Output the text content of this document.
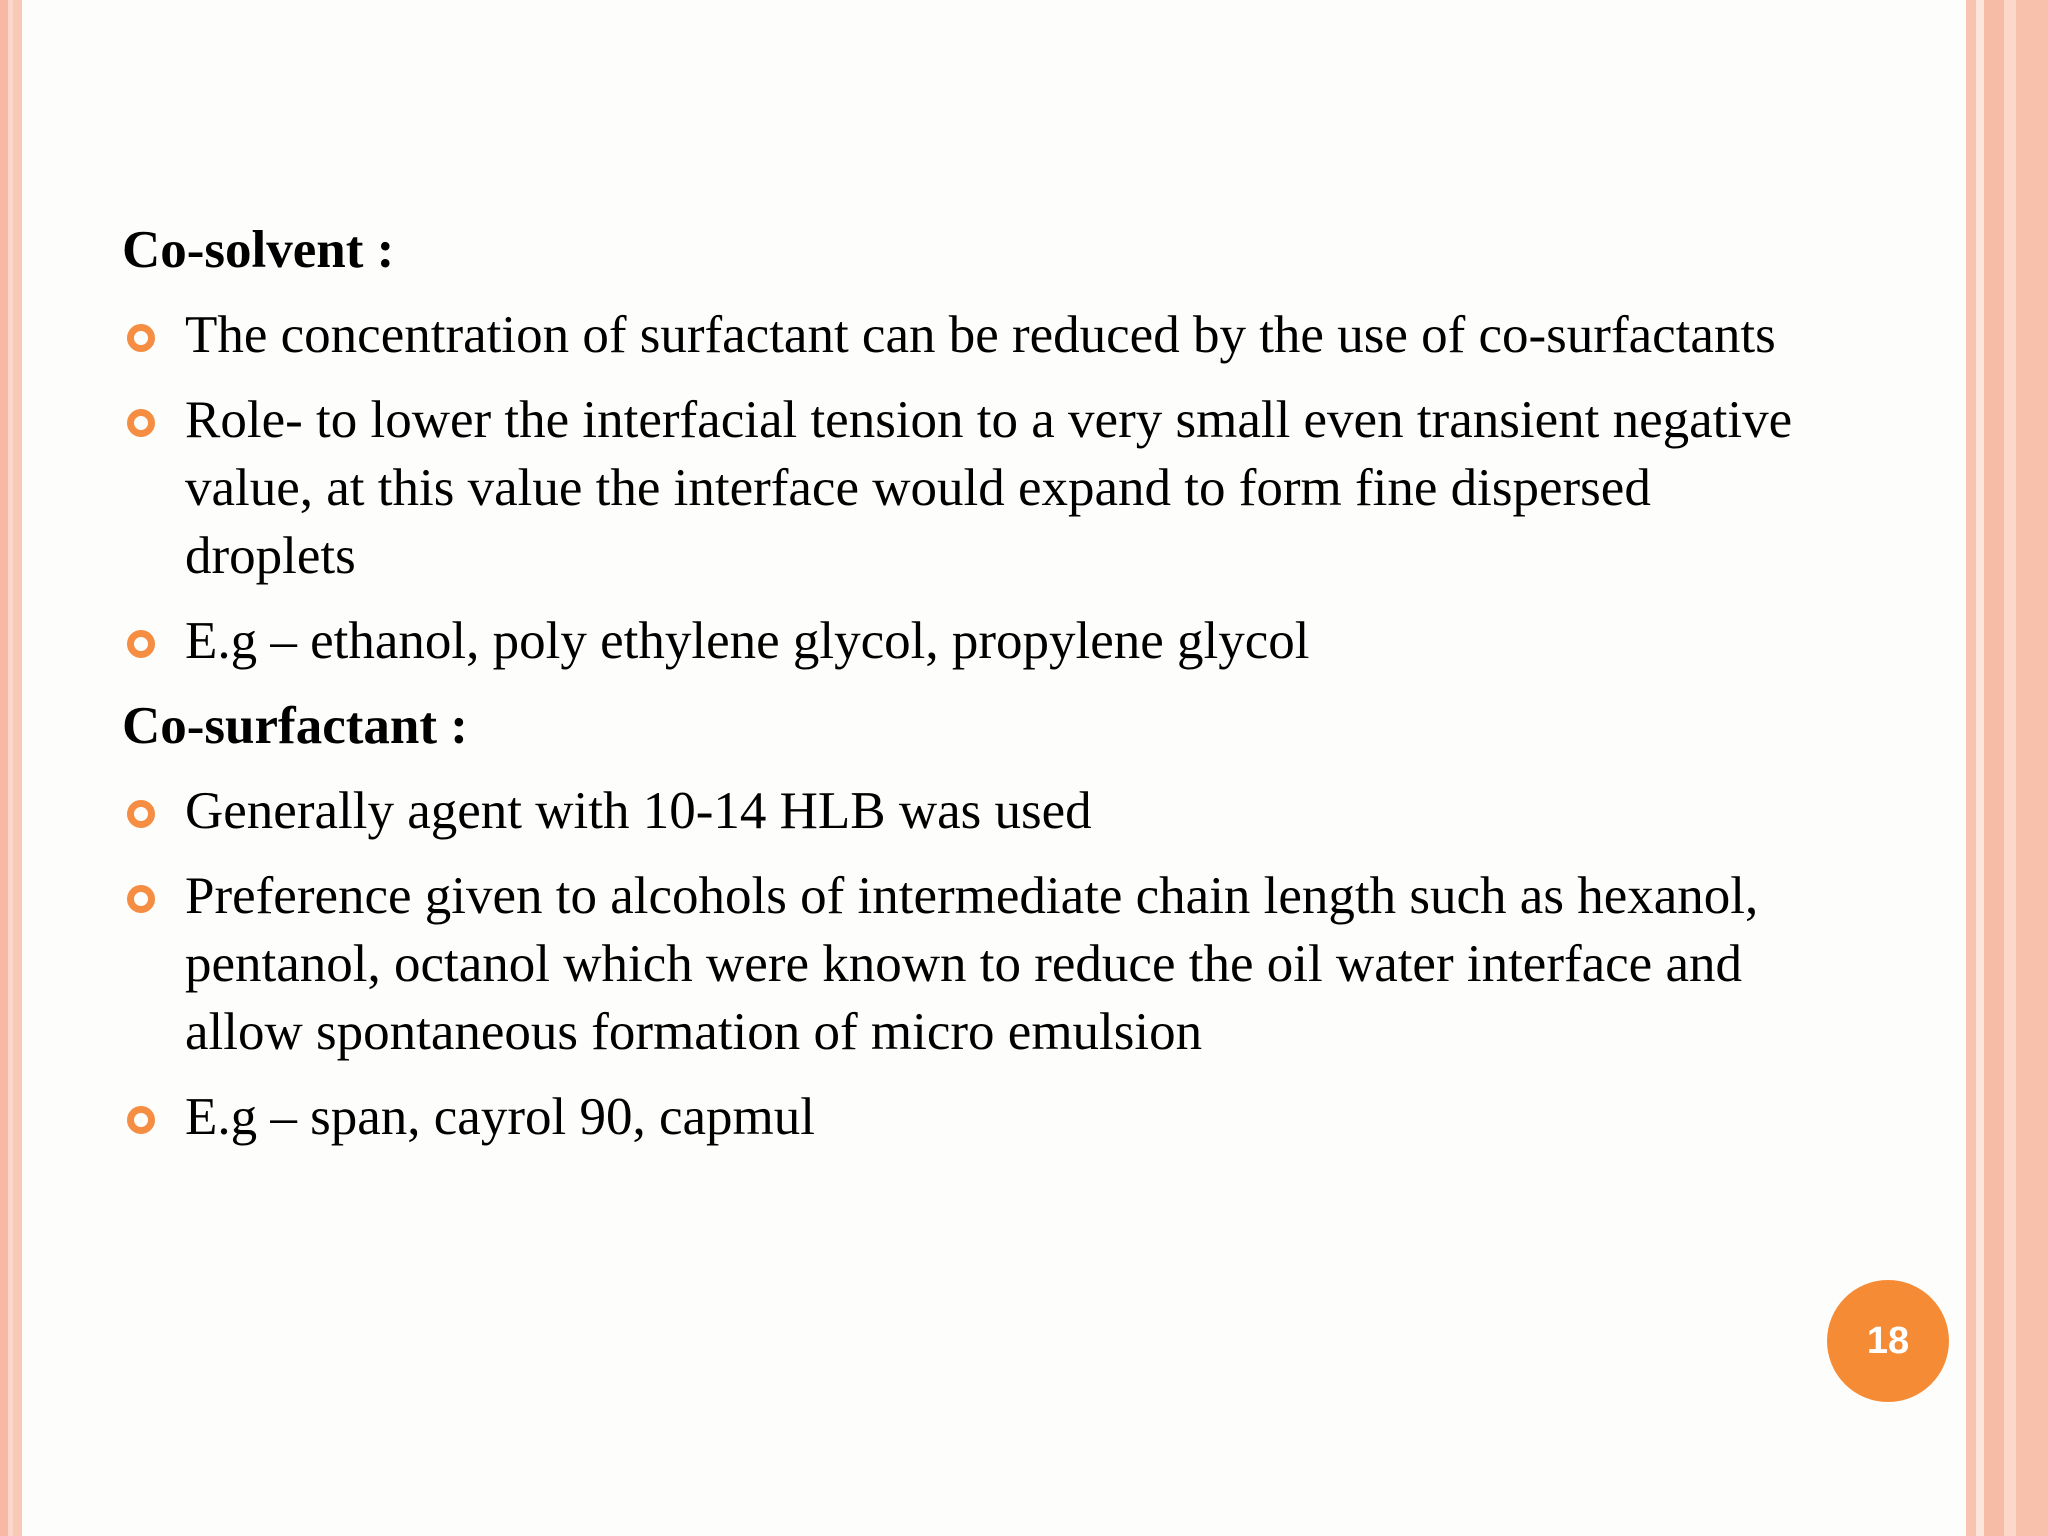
Co-solvent :
The concentration of surfactant can be reduced by the use of co-surfactants
Role- to lower the interfacial tension to a very small even transient negative value, at this value the interface would expand to form fine dispersed droplets
E.g – ethanol, poly ethylene glycol, propylene glycol
Co-surfactant :
Generally agent with 10-14 HLB was used
Preference given to alcohols of intermediate chain length such as hexanol, pentanol, octanol which were known to reduce the oil water interface and allow spontaneous formation of micro emulsion
E.g – span, cayrol 90, capmul
18
